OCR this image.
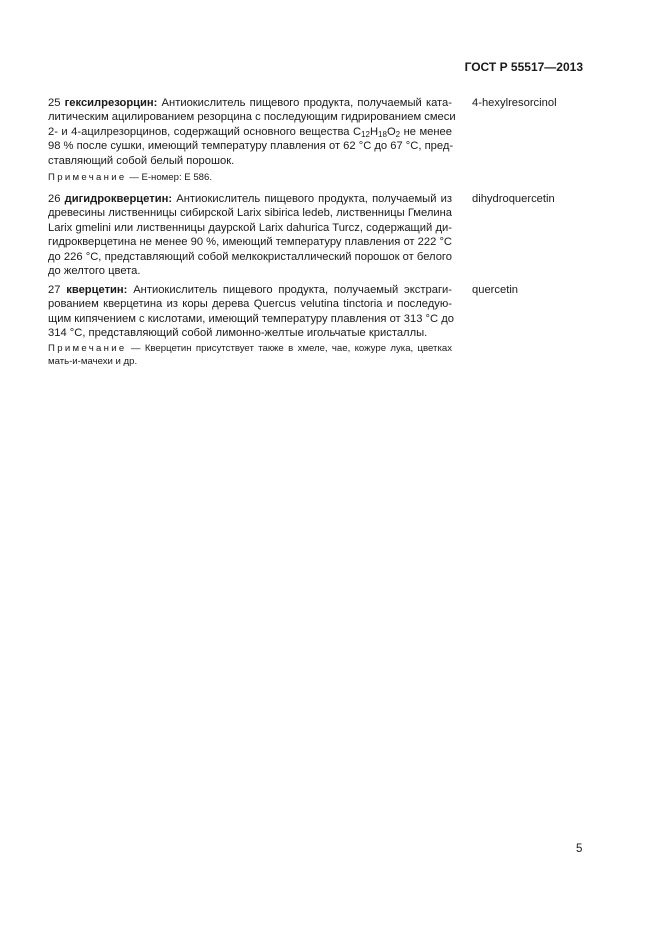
ГОСТ Р 55517—2013
25 гексилрезорцин: Антиокислитель пищевого продукта, получаемый ката-
литическим ацилированием резорцина с последующим гидрированием смеси
2- и 4-ацилрезорцинов, содержащий основного вещества $С_{12}Н_{18}О_2$ не менее
98 % после сушки, имеющий температуру плавления от 62 °С до 67 °С, пред-
ставляющий собой белый порошок.
Примечание — Е-номер: Е 586.
4-hexylresorcinol
26 дигидрокверцетин: Антиокислитель пищевого продукта, получаемый из
древесины лиственницы сибирской Larix sibirica ledeb, лиственницы Гмелина
Larix gmelini или лиственницы даурской Larix dahurica Turcz, содержащий ди-
гидрокверцетина не менее 90 %, имеющий температуру плавления от 222 °С
до 226 °С, представляющий собой мелкокристаллический порошок от белого
до желтого цвета.
dihydroquercetin
27 кверцетин: Антиокислитель пищевого продукта, получаемый экстраги-
рованием кверцетина из коры дерева Quercus velutina tinctoria и последую-
щим кипячением с кислотами, имеющий температуру плавления от 313 °С до
314 °С, представляющий собой лимонно-желтые игольчатые кристаллы.
Примечание — Кверцетин присутствует также в хмеле, чае, кожуре лука, цветках
мать-и-мачехи и др.
quercetin
5
